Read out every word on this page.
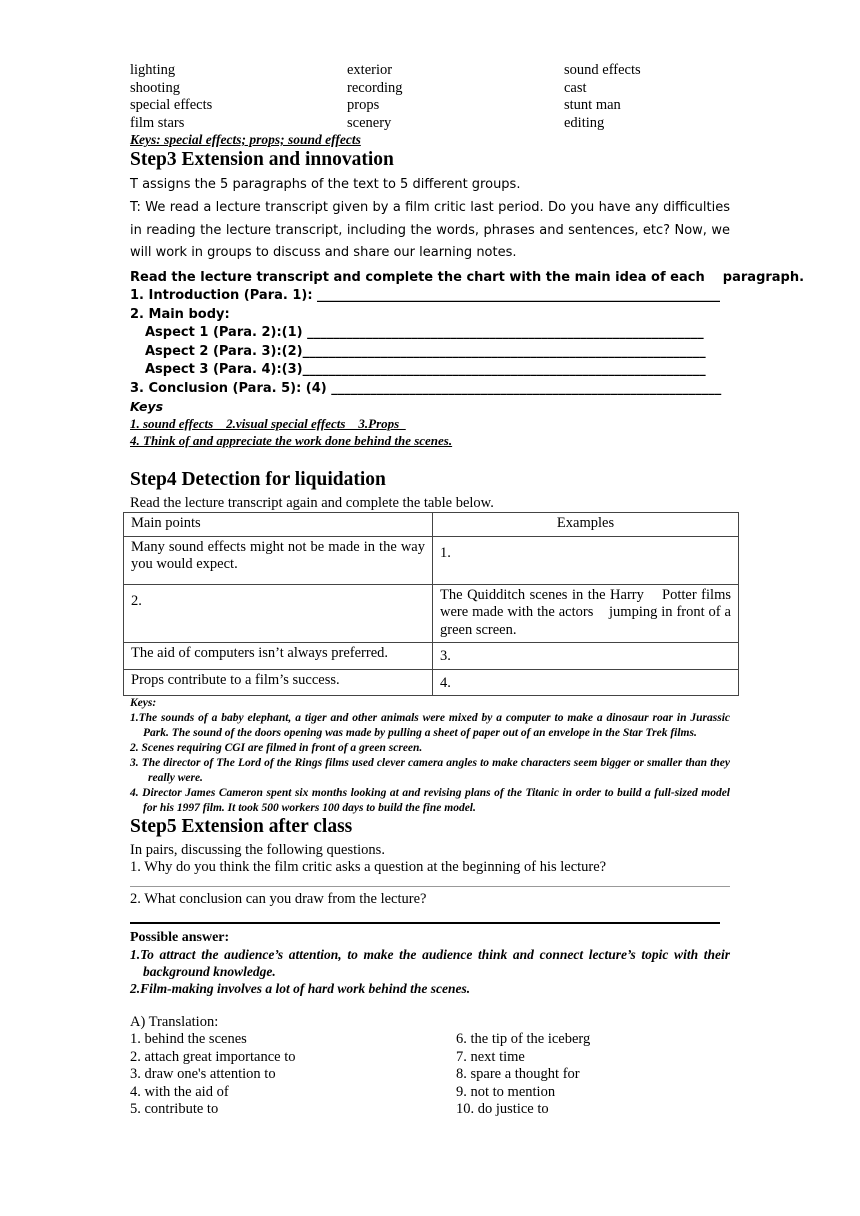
lighting	exterior	sound effects
shooting	recording	cast
special effects	props	stunt man
film stars	scenery	editing
Keys: special effects; props; sound effects
Step3 Extension and innovation

T assigns the 5 paragraphs of the text to 5 different groups.

T: We read a lecture transcript given by a film critic last period. Do you have any difficulties in reading the lecture transcript, including the words, phrases and sentences, etc? Now, we will work in groups to discuss and share our learning notes.

Read the lecture transcript and complete the chart with the main idea of each    paragraph.
1. Introduction (Para. 1): ______________________________________________________________
2. Main body:
Aspect 1 (Para. 2):(1) _____________________________________________________________
Aspect 2 (Para. 3):(2)______________________________________________________________
Aspect 3 (Para. 4):(3)______________________________________________________________
3. Conclusion (Para. 5): (4) ____________________________________________________________
Keys
1. sound effects    2.visual special effects    3.Props
4. Think of and appreciate the work done behind the scenes.
Step4 Detection for liquidation

Read the lecture transcript again and complete the table below.

Main points	Examples
Many sound effects might not be made in the way you would expect.	1.
2.	The Quidditch scenes in the Harry    Potter films were made with the actors    jumping in front of a green screen.
The aid of computers isn’t always preferred.	3.
Props contribute to a film’s success.	4.
Keys:
1.The sounds of a baby elephant, a tiger and other animals were mixed by a computer to make a dinosaur roar in Jurassic Park. The sound of the doors opening was made by pulling a sheet of paper out of an envelope in the Star Trek films.
2. Scenes requiring CGI are filmed in front of a green screen.
3. The director of The Lord of the Rings films used clever camera angles to make characters seem bigger or smaller than they really were.
4. Director James Cameron spent six months looking at and revising plans of the Titanic in order to build a full-sized model for his 1997 film. It took 500 workers 100 days to build the fine model.
Step5 Extension after class

In pairs, discussing the following questions.

1. Why do you think the film critic asks a question at the beginning of his lecture?

2. What conclusion can you draw from the lecture?

Possible answer:
1.To attract the audience’s attention, to make the audience think and connect lecture’s topic with their background knowledge.
2.Film-making involves a lot of hard work behind the scenes.

A) Translation:

1. behind the scenes	6. the tip of the iceberg
2. attach great importance to	7. next time
3. draw one's attention to	8. spare a thought for
4. with the aid of	9. not to mention
5. contribute to	10. do justice to
